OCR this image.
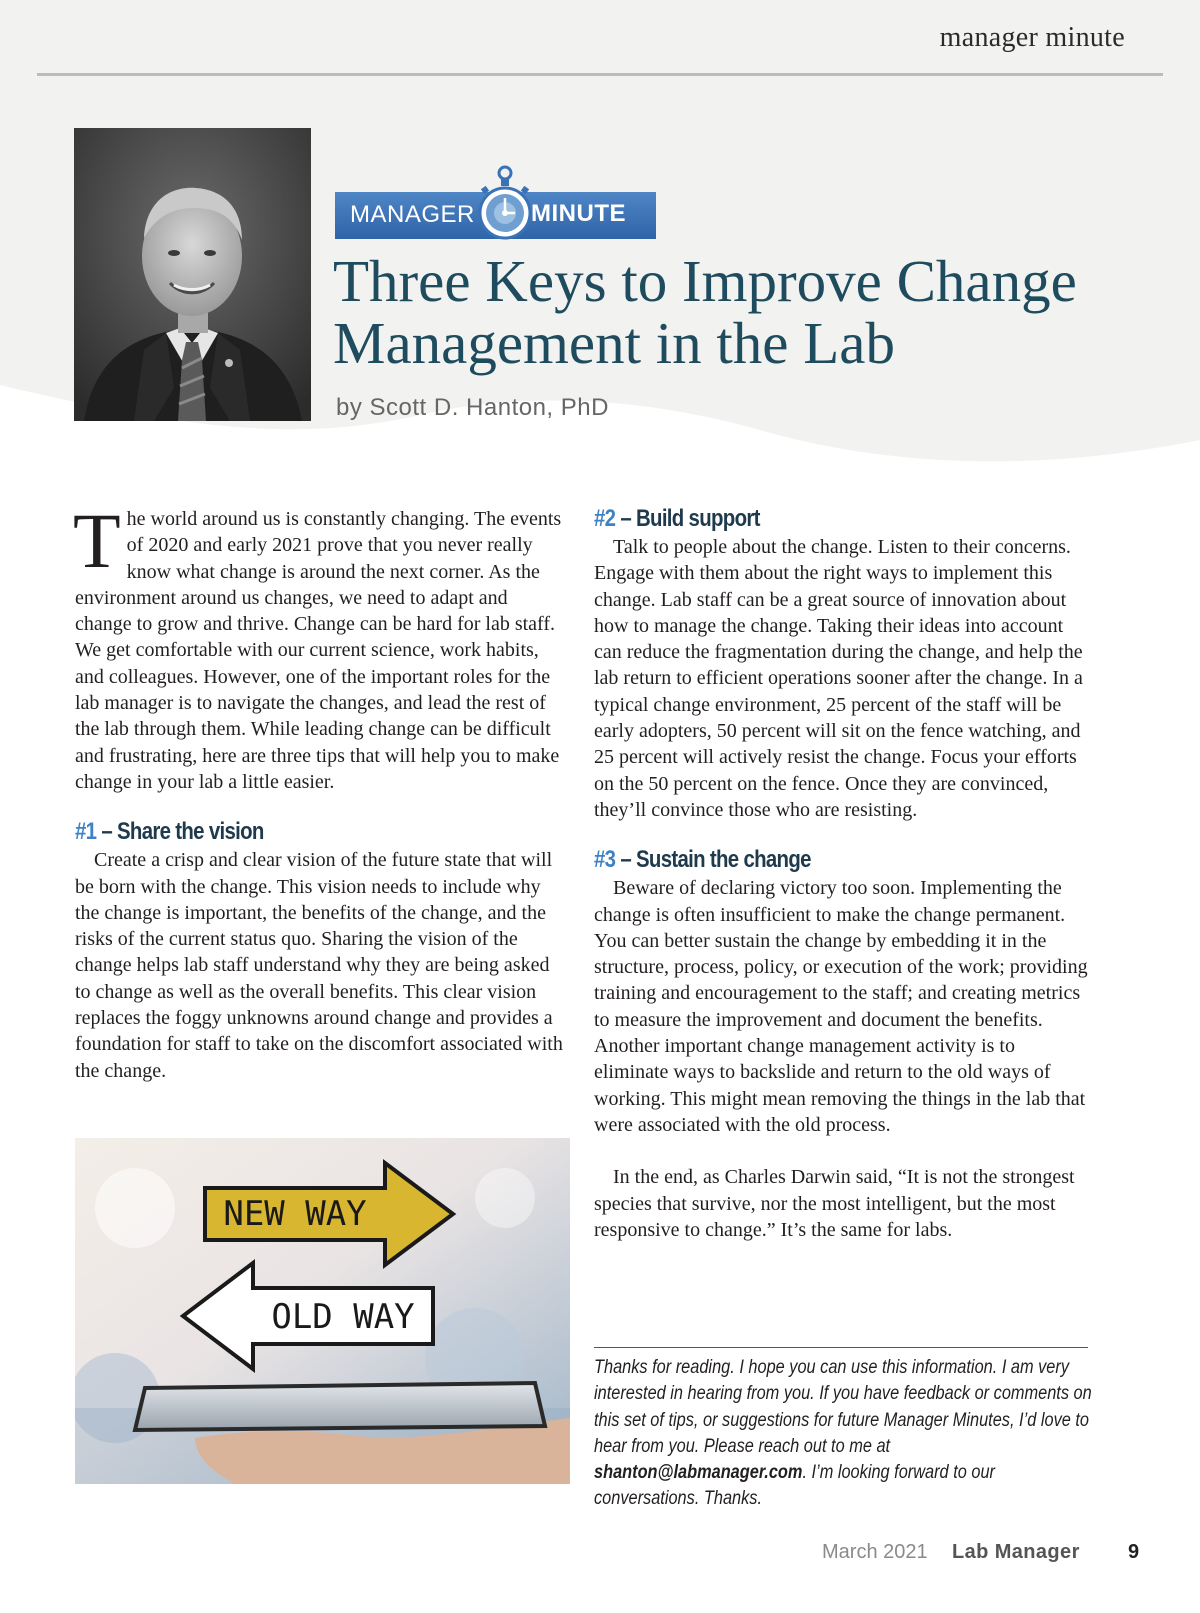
manager minute
MANAGER MINUTE
Three Keys to Improve Change Management in the Lab
by Scott D. Hanton, PhD

The world around us is constantly changing. The events of 2020 and early 2021 prove that you never really know what change is around the next corner. As the environment around us changes, we need to adapt and change to grow and thrive. Change can be hard for lab staff. We get comfortable with our current science, work habits, and colleagues. However, one of the important roles for the lab manager is to navigate the changes, and lead the rest of the lab through them. While leading change can be difficult and frustrating, here are three tips that will help you to make change in your lab a little easier.

#1 – Share the vision

Create a crisp and clear vision of the future state that will be born with the change. This vision needs to include why the change is important, the benefits of the change, and the risks of the current status quo. Sharing the vision of the change helps lab staff understand why they are being asked to change as well as the overall benefits. This clear vision replaces the foggy unknowns around change and provides a foundation for staff to take on the discomfort associated with the change.

NEW WAY
OLD WAY
#2 – Build support

Talk to people about the change. Listen to their concerns. Engage with them about the right ways to implement this change. Lab staff can be a great source of innovation about how to manage the change. Taking their ideas into account can reduce the fragmentation during the change, and help the lab return to efficient operations sooner after the change. In a typical change environment, 25 percent of the staff will be early adopters, 50 percent will sit on the fence watching, and 25 percent will actively resist the change. Focus your efforts on the 50 percent on the fence. Once they are convinced, they’ll convince those who are resisting.

#3 – Sustain the change

Beware of declaring victory too soon. Implementing the change is often insufficient to make the change permanent. You can better sustain the change by embedding it in the structure, process, policy, or execution of the work; providing training and encouragement to the staff; and creating metrics to measure the improvement and document the benefits. Another important change management activity is to eliminate ways to backslide and return to the old ways of working. This might mean removing the things in the lab that were associated with the old process.

In the end, as Charles Darwin said, “It is not the strongest species that survive, nor the most intelligent, but the most responsive to change.” It’s the same for labs.

Thanks for reading. I hope you can use this information. I am very interested in hearing from you. If you have feedback or comments on this set of tips, or suggestions for future Manager Minutes, I’d love to hear from you. Please reach out to me at shanton@labmanager.com. I’m looking forward to our conversations. Thanks.

March 2021 Lab Manager 9
